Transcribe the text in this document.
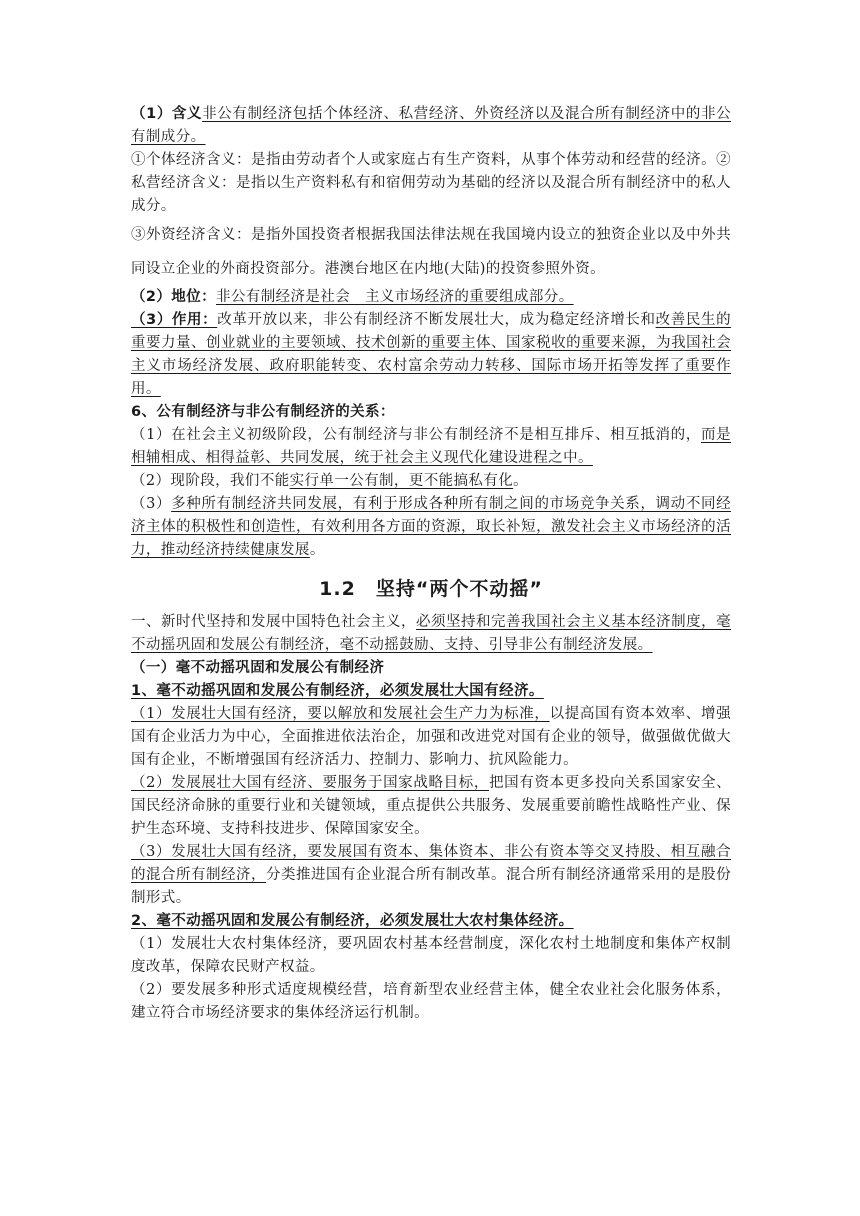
（1）含义非公有制经济包括个体经济、私营经济、外资经济以及混合所有制经济中的非公有制成分。

①个体经济含义：是指由劳动者个人或家庭占有生产资料，从事个体劳动和经营的经济。②私营经济含义：是指以生产资料私有和宿佣劳动为基础的经济以及混合所有制经济中的私人成分。

③外资经济含义：是指外国投资者根据我国法律法规在我国境内设立的独资企业以及中外共同设立企业的外商投资部分。港澳台地区在内地(大陆)的投资参照外资。

（2）地位：非公有制经济是社会　主义市场经济的重要组成部分。

（3）作用：改革开放以来，非公有制经济不断发展壮大，成为稳定经济增长和改善民生的重要力量、创业就业的主要领域、技术创新的重要主体、国家税收的重要来源，为我国社会主义市场经济发展、政府职能转变、农村富余劳动力转移、国际市场开拓等发挥了重要作用。

6、公有制经济与非公有制经济的关系：

（1）在社会主义初级阶段，公有制经济与非公有制经济不是相互排斥、相互抵消的，而是相辅相成、相得益彰、共同发展，统于社会主义现代化建设进程之中。

（2）现阶段，我们不能实行单一公有制，更不能搞私有化。

（3）多种所有制经济共同发展，有利于形成各种所有制之间的市场竞争关系，调动不同经济主体的积极性和创造性，有效利用各方面的资源，取长补短，激发社会主义市场经济的活力，推动经济持续健康发展。

1.2　坚持“两个不动摇”

一、新时代坚持和发展中国特色社会主义，必须坚持和完善我国社会主义基本经济制度，毫不动摇巩固和发展公有制经济，毫不动摇鼓励、支持、引导非公有制经济发展。

（一）毫不动摇巩固和发展公有制经济

1、毫不动摇巩固和发展公有制经济，必须发展壮大国有经济。

（1）发展壮大国有经济，要以解放和发展社会生产力为标准，以提高国有资本效率、增强国有企业活力为中心，全面推进依法治企，加强和改进党对国有企业的领导，做强做优做大国有企业，不断增强国有经济活力、控制力、影响力、抗风险能力。

（2）发展展壮大国有经济、要服务于国家战略目标，把国有资本更多投向关系国家安全、国民经济命脉的重要行业和关键领域，重点提供公共服务、发展重要前瞻性战略性产业、保护生态环境、支持科技进步、保障国家安全。

（3）发展壮大国有经济，要发展国有资本、集体资本、非公有资本等交叉持股、相互融合的混合所有制经济，分类推进国有企业混合所有制改革。混合所有制经济通常采用的是股份制形式。

2、毫不动摇巩固和发展公有制经济，必须发展壮大农村集体经济。

（1）发展壮大农村集体经济，要巩固农村基本经营制度，深化农村土地制度和集体产权制度改革，保障农民财产权益。

（2）要发展多种形式适度规模经营，培育新型农业经营主体，健全农业社会化服务体系，建立符合市场经济要求的集体经济运行机制。
